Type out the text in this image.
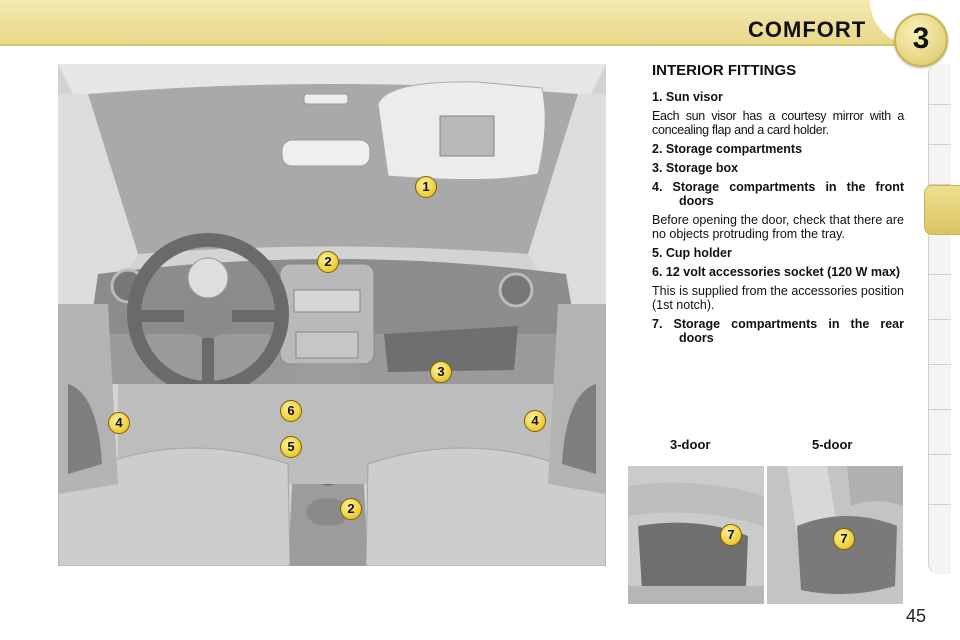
COMFORT	3
1
2
3
4	4
5
6
2
INTERIOR FITTINGS

1. Sun visor

Each sun visor has a courtesy mirror with a concealing flap and a card holder.

2. Storage compartments

3. Storage box

4. Storage compartments in the front doors

Before opening the door, check that there are no objects protruding from the tray.

5. Cup holder

6. 12 volt accessories socket (120 W max)

This is supplied from the accessories position (1st notch).

7. Storage compartments in the rear doors

3-door	5-door
7	7
45
